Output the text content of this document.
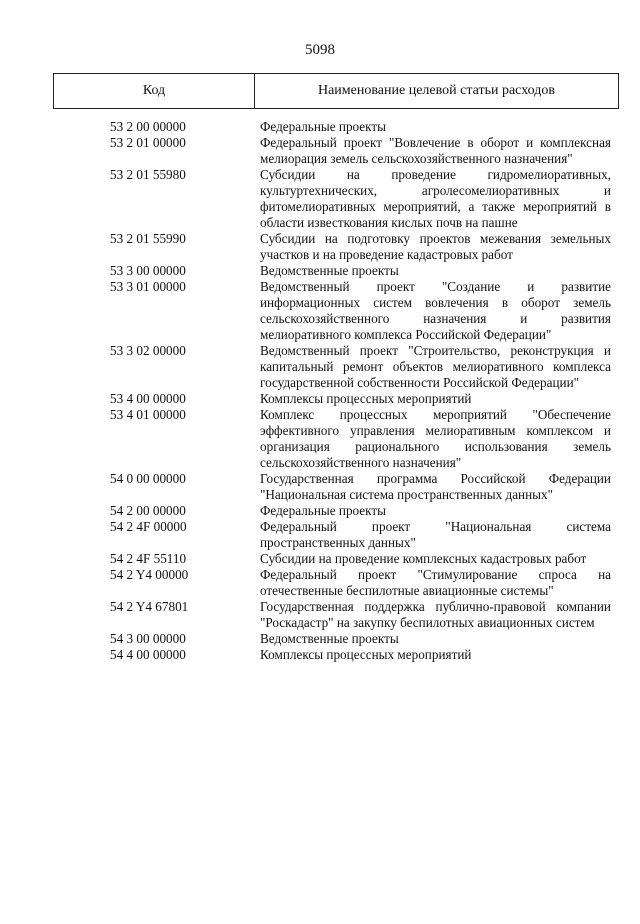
5098
Код	Наименование целевой статьи расходов
53 2 00 00000	Федеральные проекты
53 2 01 00000	Федеральный проект "Вовлечение в оборот и комплексная мелиорация земель сельскохозяйственного назначения"
53 2 01 55980	Субсидии на проведение гидромелиоративных, культуртехнических, агролесомелиоративных и фитомелиоративных мероприятий, а также мероприятий в области известкования кислых почв на пашне
53 2 01 55990	Субсидии на подготовку проектов межевания земельных участков и на проведение кадастровых работ
53 3 00 00000	Ведомственные проекты
53 3 01 00000	Ведомственный проект "Создание и развитие информационных систем вовлечения в оборот земель сельскохозяйственного назначения и развития мелиоративного комплекса Российской Федерации"
53 3 02 00000	Ведомственный проект "Строительство, реконструкция и капитальный ремонт объектов мелиоративного комплекса государственной собственности Российской Федерации"
53 4 00 00000	Комплексы процессных мероприятий
53 4 01 00000	Комплекс процессных мероприятий "Обеспечение эффективного управления мелиоративным комплексом и организация рационального использования земель сельскохозяйственного назначения"
54 0 00 00000	Государственная программа Российской Федерации "Национальная система пространственных данных"
54 2 00 00000	Федеральные проекты
54 2 4F 00000	Федеральный проект "Национальная система пространственных данных"
54 2 4F 55110	Субсидии на проведение комплексных кадастровых работ
54 2 Y4 00000	Федеральный проект "Стимулирование спроса на отечественные беспилотные авиационные системы"
54 2 Y4 67801	Государственная поддержка публично-правовой компании "Роскадастр" на закупку беспилотных авиационных систем
54 3 00 00000	Ведомственные проекты
54 4 00 00000	Комплексы процессных мероприятий
